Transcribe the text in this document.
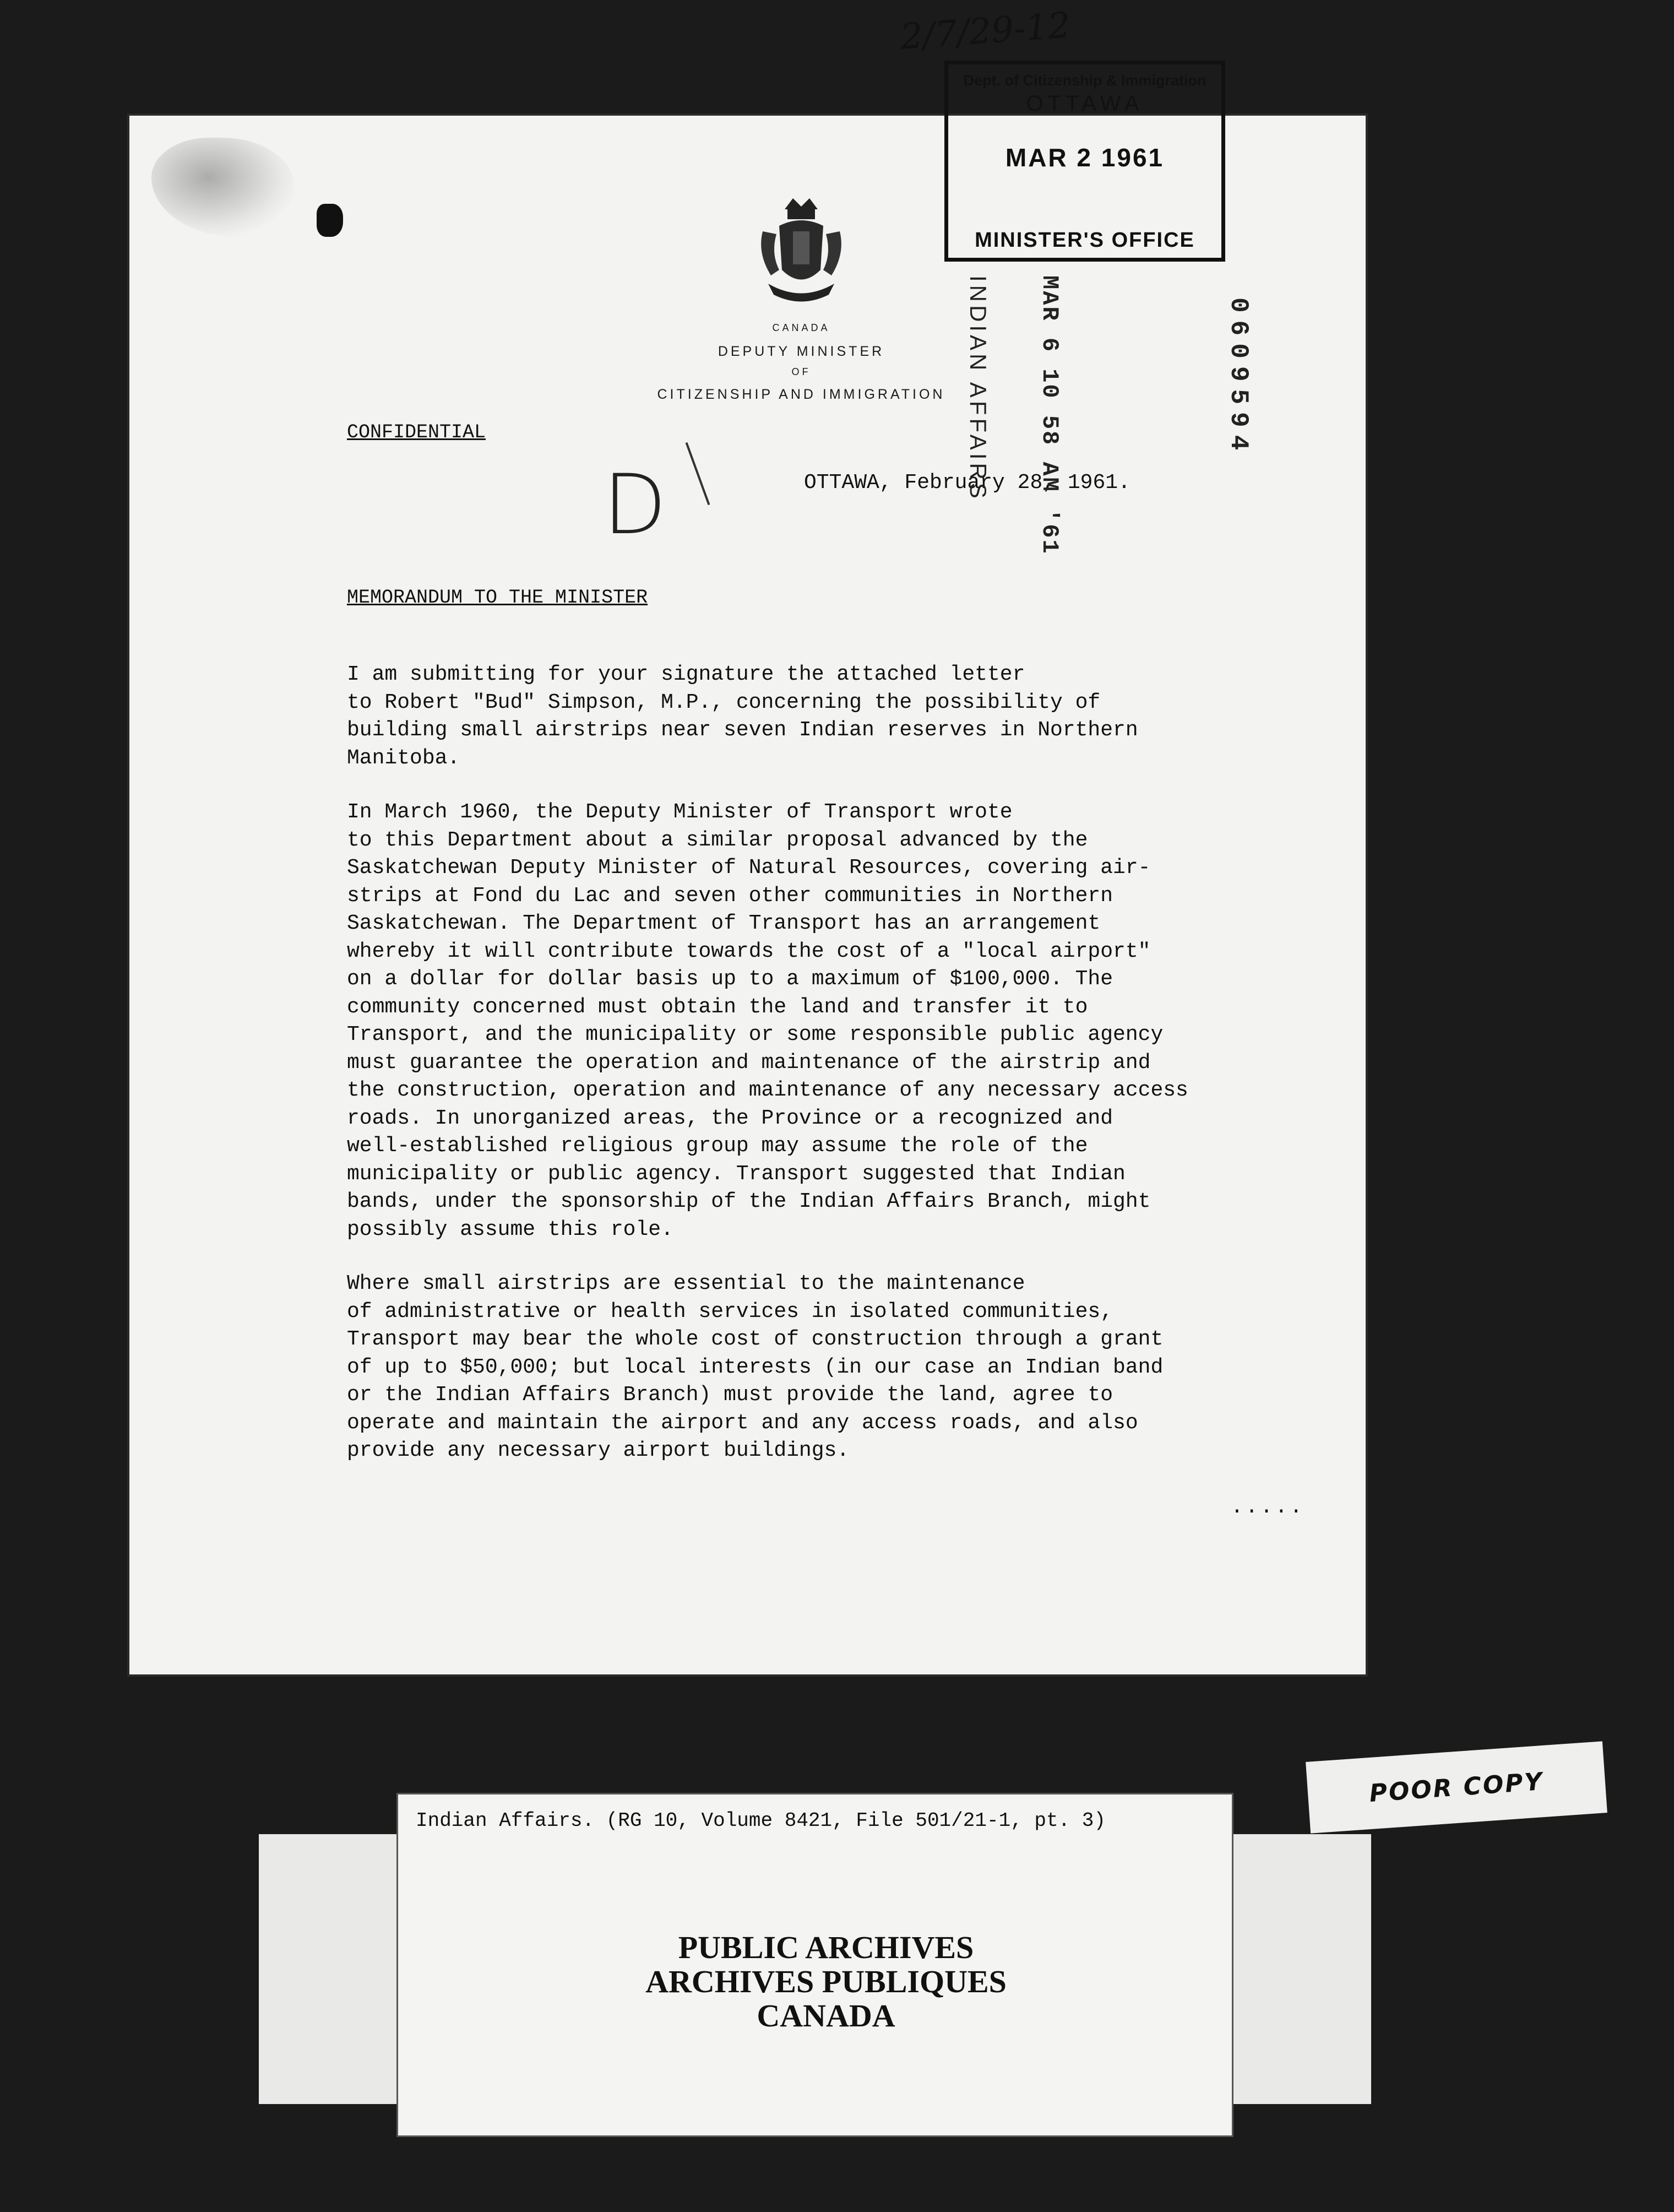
CANADA
DEPUTY MINISTER
OF
CITIZENSHIP AND IMMIGRATION
CONFIDENTIAL
D	OTTAWA, February 28, 1961.
MEMORANDUM TO THE MINISTER

I am submitting for your signature the attached letter
to Robert "Bud" Simpson, M.P., concerning the possibility of
building small airstrips near seven Indian reserves in Northern
Manitoba.

In March 1960, the Deputy Minister of Transport wrote
to this Department about a similar proposal advanced by the
Saskatchewan Deputy Minister of Natural Resources, covering air-
strips at Fond du Lac and seven other communities in Northern
Saskatchewan. The Department of Transport has an arrangement
whereby it will contribute towards the cost of a "local airport"
on a dollar for dollar basis up to a maximum of $100,000. The
community concerned must obtain the land and transfer it to
Transport, and the municipality or some responsible public agency
must guarantee the operation and maintenance of the airstrip and
the construction, operation and maintenance of any necessary access
roads. In unorganized areas, the Province or a recognized and
well-established religious group may assume the role of the
municipality or public agency. Transport suggested that Indian
bands, under the sponsorship of the Indian Affairs Branch, might
possibly assume this role.

Where small airstrips are essential to the maintenance
of administrative or health services in isolated communities,
Transport may bear the whole cost of construction through a grant
of up to $50,000; but local interests (in our case an Indian band
or the Indian Affairs Branch) must provide the land, agree to
operate and maintain the airport and any access roads, and also
provide any necessary airport buildings.

.....
2/7/29-12
Dept. of Citizenship & Immigration
OTTAWA
MAR 2 1961
MINISTER'S OFFICE
MAR 6 10 58 AM '61
INDIAN AFFAIRS	0609594
POOR COPY
Indian Affairs. (RG 10, Volume 8421, File 501/21-1, pt. 3)
PUBLIC ARCHIVES
ARCHIVES PUBLIQUES
CANADA
